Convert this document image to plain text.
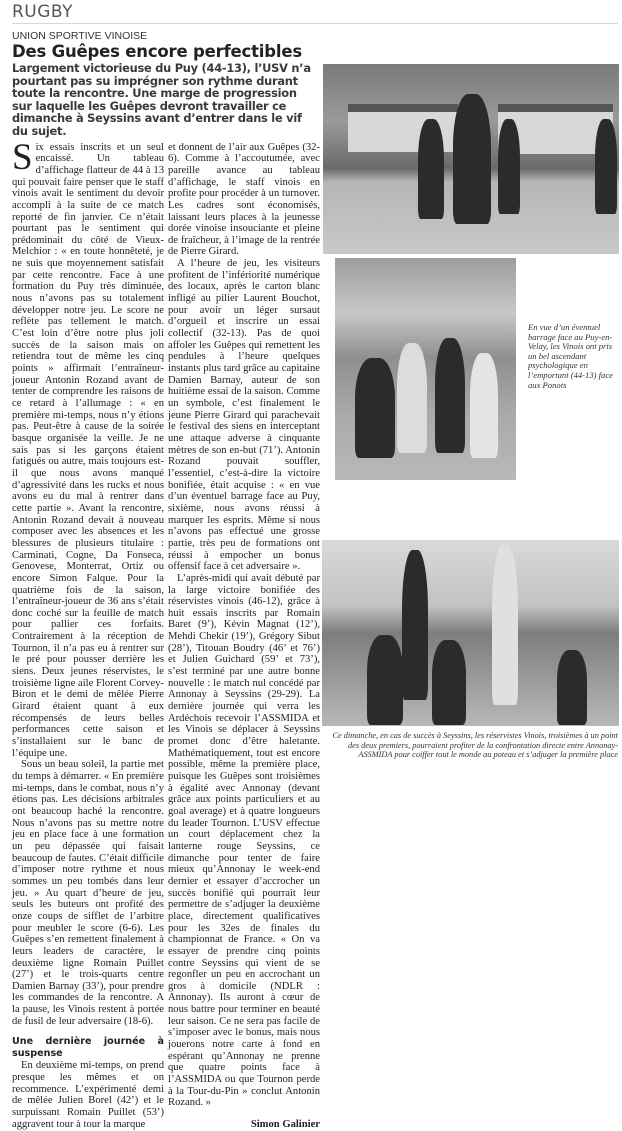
RUGBY
UNION SPORTIVE VINOISE
Des Guêpes encore perfectibles
Largement victorieuse du Puy (44-13), l’USV n’a pourtant pas su imprégner son rythme durant toute la rencontre. Une marge de progression sur laquelle les Guêpes devront travailler ce dimanche à Seyssins avant d’entrer dans le vif du sujet.
S ix essais inscrits et un seul encaissé. Un tableau d’affichage flatteur de 44 à 13 qui pouvait faire penser que le staff vinois avait le sentiment du devoir accompli à la suite de ce match reporté de fin janvier. Ce n’était pourtant pas le sentiment qui prédominait du côté de Vieux-Melchior : « en toute honnêteté, je ne suis que moyennement satisfait par cette rencontre. Face à une formation du Puy très diminuée, nous n’avons pas su totalement développer notre jeu. Le score ne reflète pas tellement le match. C’est loin d’être notre plus joli succès de la saison mais on retiendra tout de même les cinq points » affirmait l’entraîneur-joueur Antonin Rozand avant de tenter de comprendre les raisons de ce retard à l’allumage : « en première mi-temps, nous n’y étions pas. Peut-être à cause de la soirée basque organisée la veille. Je ne sais pas si les garçons étaient fatigués ou autre, mais toujours est-il que nous avons manqué d’agressivité dans les rucks et nous avons eu du mal à rentrer dans cette partie ». Avant la rencontre, Antonin Rozand devait à nouveau composer avec les absences et les blessures de plusieurs titulaire : Carminati, Cogne, Da Fonseca, Genovese, Monterrat, Ortiz ou encore Simon Falque. Pour la quatrième fois de la saison, l’entraîneur-joueur de 36 ans s’était donc coché sur la feuille de match pour pallier ces forfaits. Contrairement à la réception de Tournon, il n’a pas eu à rentrer sur le pré pour pousser derrière les siens. Deux jeunes réservistes, le troisième ligne aile Florent Corvey-Biron et le demi de mêlée Pierre Girard étaient quant à eux récompensés de leurs belles performances cette saison et s’installaient sur le banc de l’équipe une.

Sous un beau soleil, la partie met du temps à démarrer. « En première mi-temps, dans le combat, nous n’y étions pas. Les décisions arbitrales ont beaucoup haché la rencontre. Nous n’avons pas su mettre notre jeu en place face à une formation un peu dépassée qui faisait beaucoup de fautes. C’était difficile d’imposer notre rythme et nous sommes un peu tombés dans leur jeu. » Au quart d’heure de jeu, seuls les buteurs ont profité des onze coups de sifflet de l’arbitre pour meubler le score (6-6). Les Guêpes s’en remettent finalement à leurs leaders de caractère, le deuxième ligne Romain Puillet (27’) et le trois-quarts centre Damien Barnay (33’), pour prendre les commandes de la rencontre. A la pause, les Vinois restent à portée de fusil de leur adversaire (18-6).

Une dernière journée à suspense

En deuxième mi-temps, on prend presque les mêmes et on recommence. L’expérimenté demi de mêlée Julien Borel (42’) et le surpuissant Romain Puillet (53’) aggravent tour à tour la marque

et donnent de l’air aux Guêpes (32-6). Comme à l’accoutumée, avec pareille avance au tableau d’affichage, le staff vinois en profite pour procéder à un turnover. Les cadres sont économisés, laissant leurs places à la jeunesse dorée vinoise insouciante et pleine de fraîcheur, à l’image de la rentrée de Pierre Girard.

A l’heure de jeu, les visiteurs profitent de l’infériorité numérique des locaux, après le carton blanc infligé au pilier Laurent Bouchot, pour avoir un léger sursaut d’orgueil et inscrire un essai collectif (32-13). Pas de quoi affoler les Guêpes qui remettent les pendules à l’heure quelques instants plus tard grâce au capitaine Damien Barnay, auteur de son huitième essai de la saison. Comme un symbole, c’est finalement le jeune Pierre Girard qui parachevait le festival des siens en interceptant une attaque adverse à cinquante mètres de son en-but (71’). Antonin Rozand pouvait souffler, l’essentiel, c’est-à-dire la victoire bonifiée, était acquise : « en vue d’un éventuel barrage face au Puy, sixième, nous avons réussi à marquer les esprits. Même si nous n’avons pas effectué une grosse partie, très peu de formations ont réussi à empocher un bonus offensif face à cet adversaire ».

L’après-midi qui avait débuté par la large victoire bonifiée des réservistes vinois (46-12), grâce à huit essais inscrits par Romain Baret (9’), Kévin Magnat (12’), Mehdi Chekir (19’), Grégory Sibut (28’), Titouan Boudry (46’ et 76’) et Julien Guichard (59’ et 73’), s’est terminé par une autre bonne nouvelle : le match nul concédé par Annonay à Seyssins (29-29). La dernière journée qui verra les Ardéchois recevoir l’ASSMIDA et les Vinois se déplacer à Seyssins promet donc d’être haletante. Mathématiquement, tout est encore possible, même la première place, puisque les Guêpes sont troisièmes à égalité avec Annonay (devant grâce aux points particuliers et au goal average) et à quatre longueurs du leader Tournon. L’USV effectue un court déplacement chez la lanterne rouge Seyssins, ce dimanche pour tenter de faire mieux qu’Annonay le week-end dernier et essayer d’accrocher un succès bonifié qui pourrait leur permettre de s’adjuger la deuxième place, directement qualificatives pour les 32es de finales du championnat de France. « On va essayer de prendre cinq points contre Seyssins qui vient de se regonfler un peu en accrochant un gros à domicile (NDLR : Annonay). Ils auront à cœur de nous battre pour terminer en beauté leur saison. Ce ne sera pas facile de s’imposer avec le bonus, mais nous jouerons notre carte à fond en espérant qu’Annonay ne prenne que quatre points face à l’ASSMIDA ou que Tournon perde à la Tour-du-Pin » conclut Antonin Rozand. »

Simon Galinier
En vue d’un éventuel barrage face au Puy-en-Velay, les Vinois ont pris un bel ascendant psychologique en l’emportant (44-13) face aux Ponots
Ce dimanche, en cas de succès à Seyssins, les réservistes Vinois, troisièmes à un point des deux premiers, pourraient profiter de la confrontation directe entre Annonay-ASSMIDA pour coiffer tout le monde au poteau et s’adjuger la première place
